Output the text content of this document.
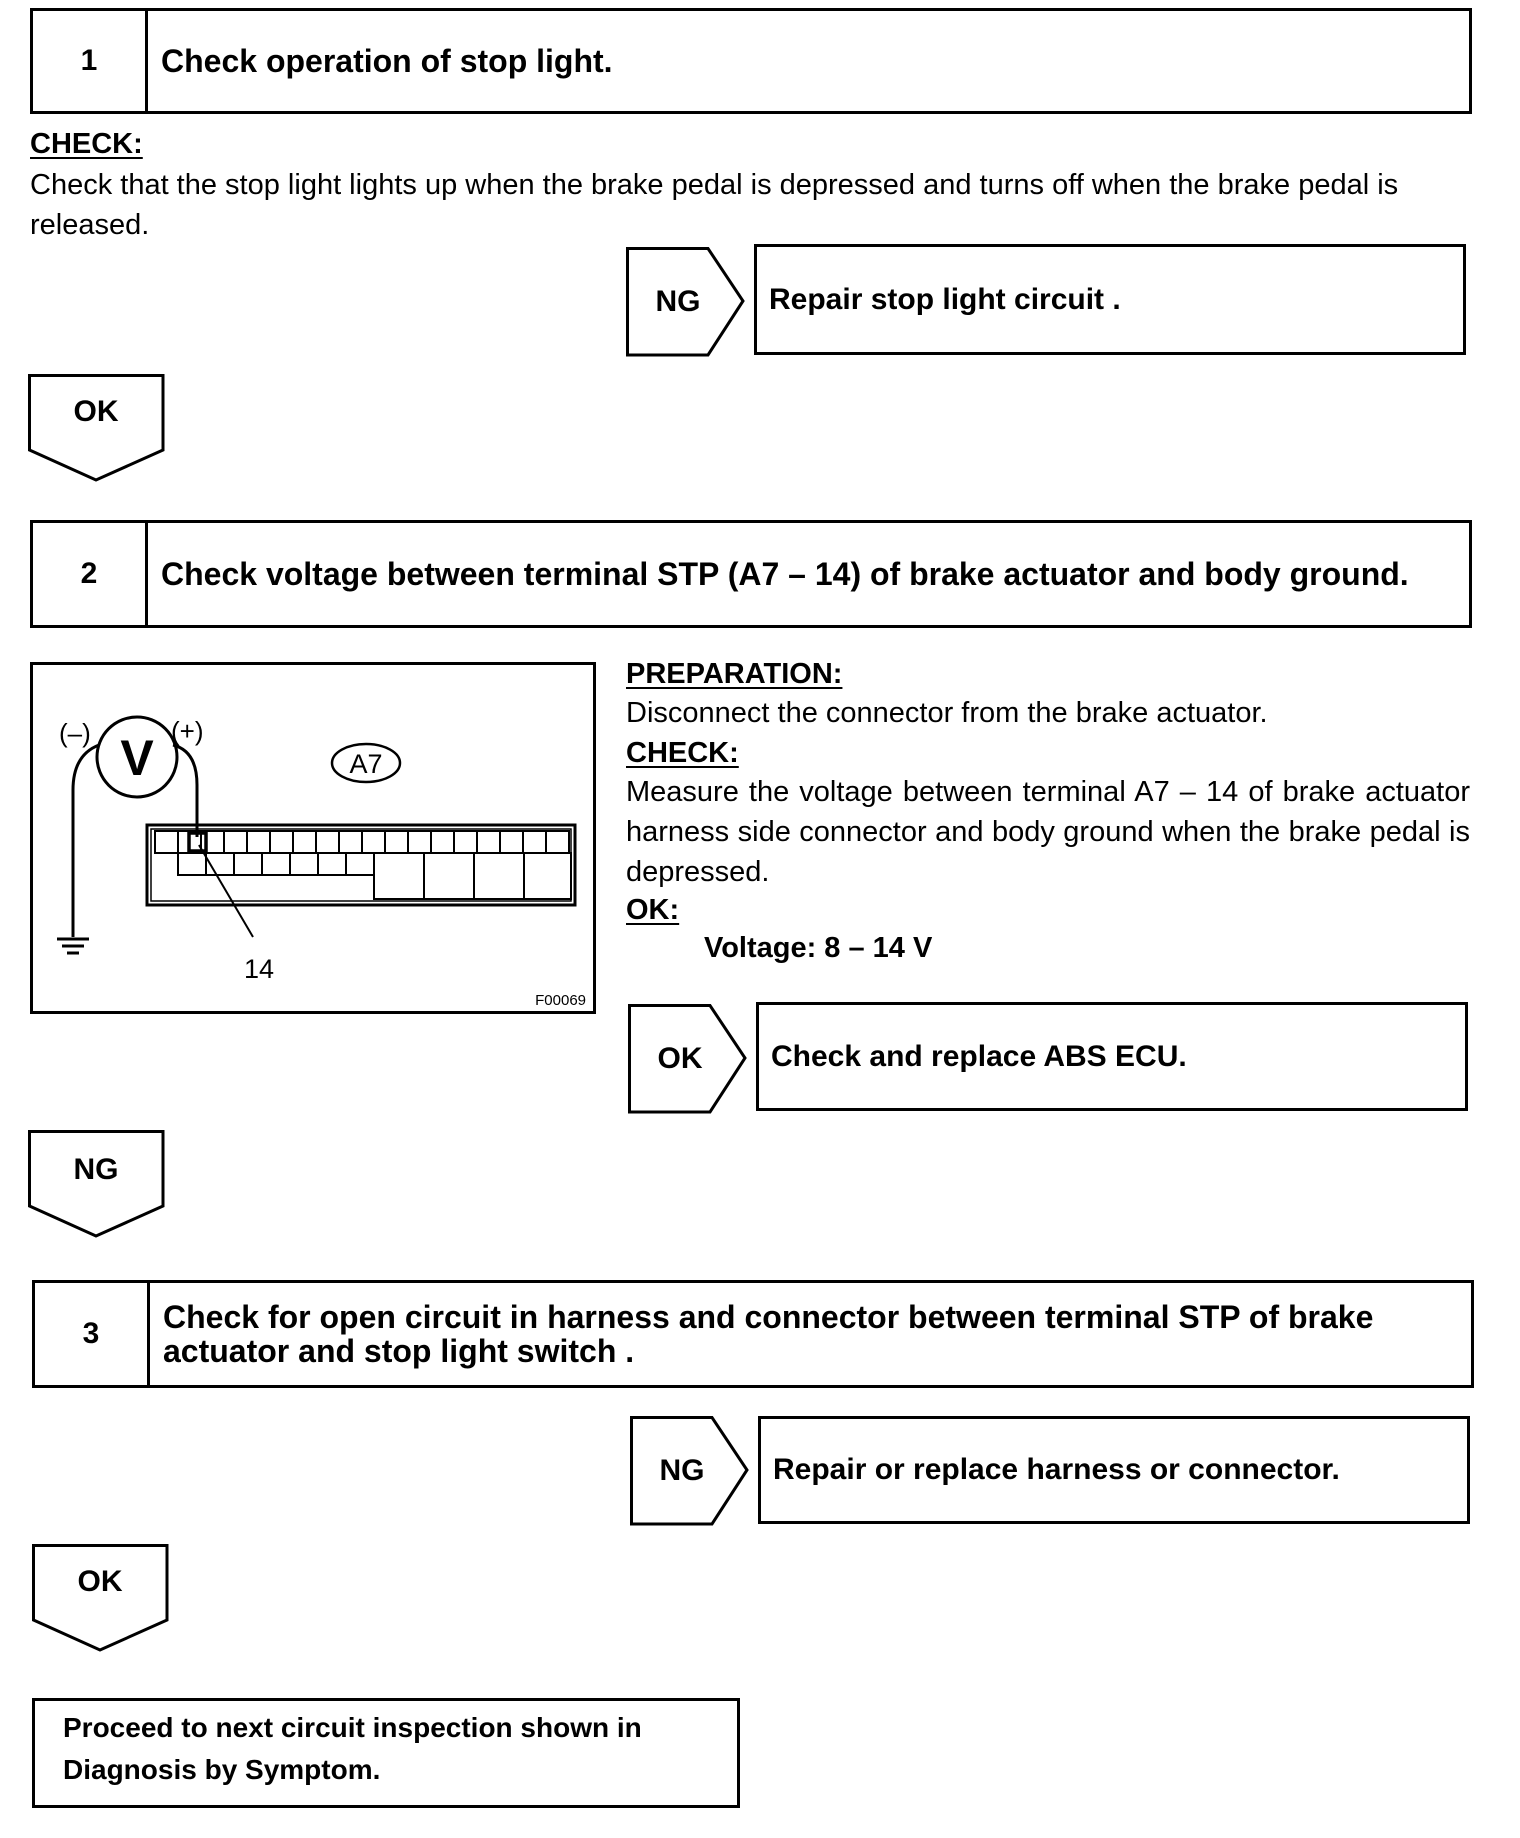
1	Check operation of stop light.
CHECK:
Check that the stop light lights up when the brake pedal is depressed and turns off when the brake pedal is released.
NG	Repair stop light circuit .
OK
2	Check voltage between terminal STP (A7 – 14) of brake actuator and body ground.
V
(–)	(+)
A7
14
F00069
PREPARATION:
Disconnect the connector from the brake actuator.
CHECK:
Measure the voltage between terminal A7 – 14 of brake actuator harness side connector and body ground when the brake pedal is depressed.
OK:
Voltage: 8 – 14 V
OK	Check and replace ABS ECU.
NG
3	Check for open circuit in harness and connector between terminal STP of brake actuator and stop light switch .
NG	Repair or replace harness or connector.
OK
Proceed to next circuit inspection shown in Diagnosis by Symptom.
